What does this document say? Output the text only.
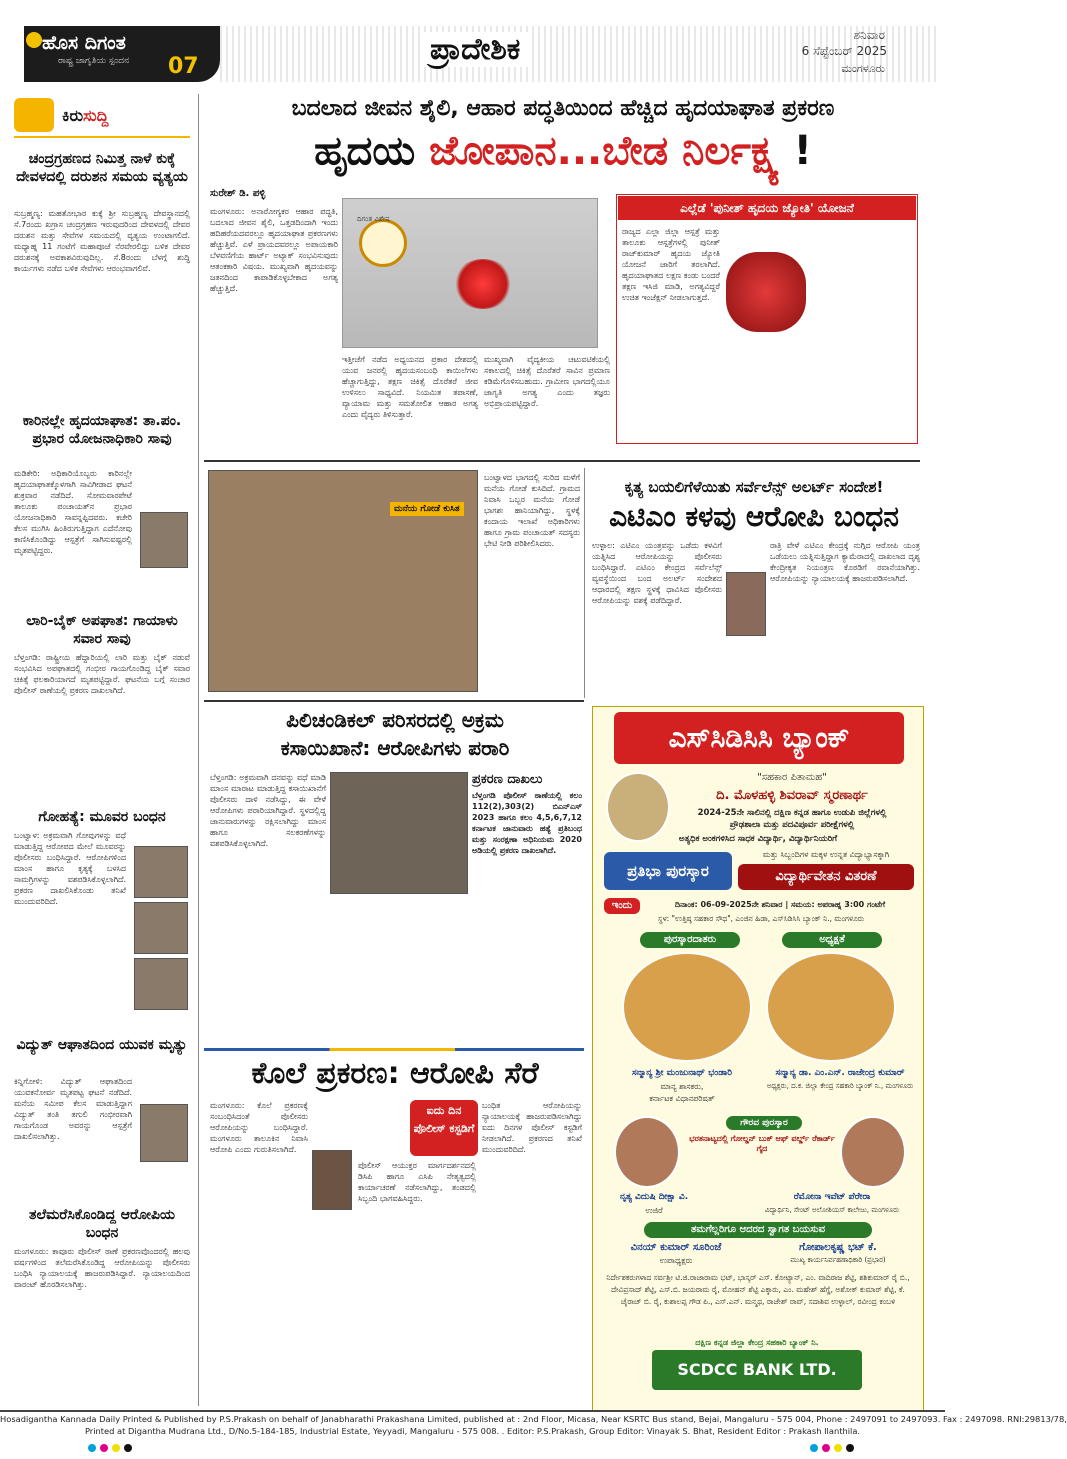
ಹೊಸ ದಿಗಂತ
ರಾಷ್ಟ್ರ ಜಾಗೃತಿಯ ಸ್ಪಂದನ 07	ಪ್ರಾದೇಶಿಕ	ಶನಿವಾರ
6 ಸೆಪ್ಟೆಂಬರ್ 2025
ಮಂಗಳೂರು
ಕಿರುಸುದ್ದಿ
ಚಂದ್ರಗ್ರಹಣದ ನಿಮಿತ್ತ ನಾಳೆ ಕುಕ್ಕೆ ದೇವಳದಲ್ಲಿ ದರುಶನ ಸಮಯ ವ್ಯತ್ಯಯ
ಸುಬ್ರಹ್ಮಣ್ಯ: ಮಹತೋಭಾರ ಕುಕ್ಕೆ ಶ್ರೀ ಸುಬ್ರಹ್ಮಣ್ಯ ದೇವಸ್ಥಾನದಲ್ಲಿ ಸೆ.7ರಂದು ಖಗ್ರಾಸ ಚಂದ್ರಗ್ರಹಣ ಇರುವುದರಿಂದ ದೇವಳದಲ್ಲಿ ದೇವರ ದರುಶನ ಮತ್ತು ಸೇವೆಗಳ ಸಮಯದಲ್ಲಿ ವ್ಯತ್ಯಯ ಉಂಟಾಗಲಿದೆ. ಮಧ್ಯಾಹ್ನ 11 ಗಂಟೆಗೆ ಮಹಾಪೂಜೆ ನೆರವೇರಲಿದ್ದು ಬಳಿಕ ದೇವರ ದರುಶನಕ್ಕೆ ಅವಕಾಶವಿರುವುದಿಲ್ಲ. ಸೆ.8ರಂದು ಬೆಳಗ್ಗೆ ಶುದ್ಧಿ ಕಾರ್ಯಗಳು ನಡೆದ ಬಳಿಕ ಸೇವೆಗಳು ಆರಂಭವಾಗಲಿವೆ.
ಕಾರಿನಲ್ಲೇ ಹೃದಯಾಘಾತ: ತಾ.ಪಂ. ಪ್ರಭಾರ ಯೋಜನಾಧಿಕಾರಿ ಸಾವು
ಮಡಿಕೇರಿ: ಅಧಿಕಾರಿಯೊಬ್ಬರು ಕಾರಿನಲ್ಲೇ ಹೃದಯಾಘಾತಕ್ಕೊಳಗಾಗಿ ಸಾವಿಗೀಡಾದ ಘಟನೆ ಶುಕ್ರವಾರ ನಡೆದಿದೆ. ಸೋಮವಾರಪೇಟೆ ತಾಲೂಕು ಪಂಚಾಯತ್‌ನ ಪ್ರಭಾರ ಯೋಜನಾಧಿಕಾರಿ ಸಾವನ್ನಪ್ಪಿದವರು. ಕಚೇರಿ ಕೆಲಸ ಮುಗಿಸಿ ಹಿಂತಿರುಗುತ್ತಿದ್ದಾಗ ಎದೆನೋವು ಕಾಣಿಸಿಕೊಂಡಿದ್ದು ಆಸ್ಪತ್ರೆಗೆ ಸಾಗಿಸುವಷ್ಟರಲ್ಲಿ ಮೃತಪಟ್ಟಿದ್ದರು.
ಲಾರಿ-ಬೈಕ್ ಅಪಘಾತ: ಗಾಯಾಳು ಸವಾರ ಸಾವು
ಬೆಳ್ತಂಗಡಿ: ರಾಷ್ಟ್ರೀಯ ಹೆದ್ದಾರಿಯಲ್ಲಿ ಲಾರಿ ಮತ್ತು ಬೈಕ್ ನಡುವೆ ಸಂಭವಿಸಿದ ಅಪಘಾತದಲ್ಲಿ ಗಂಭೀರ ಗಾಯಗೊಂಡಿದ್ದ ಬೈಕ್ ಸವಾರ ಚಿಕಿತ್ಸೆ ಫಲಕಾರಿಯಾಗದೆ ಮೃತಪಟ್ಟಿದ್ದಾರೆ. ಘಟನೆಯ ಬಗ್ಗೆ ಸಂಚಾರ ಪೊಲೀಸ್ ಠಾಣೆಯಲ್ಲಿ ಪ್ರಕರಣ ದಾಖಲಾಗಿದೆ.
ಗೋಹತ್ಯೆ: ಮೂವರ ಬಂಧನ
ಬಂಟ್ವಾಳ: ಅಕ್ರಮವಾಗಿ ಗೋವುಗಳನ್ನು ವಧೆ ಮಾಡುತ್ತಿದ್ದ ಆರೋಪದ ಮೇಲೆ ಮೂವರನ್ನು ಪೊಲೀಸರು ಬಂಧಿಸಿದ್ದಾರೆ. ಆರೋಪಿಗಳಿಂದ ಮಾಂಸ ಹಾಗೂ ಕೃತ್ಯಕ್ಕೆ ಬಳಸಿದ ಸಾಮಗ್ರಿಗಳನ್ನು ವಶಪಡಿಸಿಕೊಳ್ಳಲಾಗಿದೆ. ಪ್ರಕರಣ ದಾಖಲಿಸಿಕೊಂಡು ತನಿಖೆ ಮುಂದುವರಿದಿದೆ.
ವಿದ್ಯುತ್ ಆಘಾತದಿಂದ ಯುವಕ ಮೃತ್ಯು
ಕಿನ್ನಿಗೋಳಿ: ವಿದ್ಯುತ್ ಆಘಾತದಿಂದ ಯುವಕನೋರ್ವ ಮೃತಪಟ್ಟ ಘಟನೆ ನಡೆದಿದೆ. ಮನೆಯ ಸಮೀಪ ಕೆಲಸ ಮಾಡುತ್ತಿದ್ದಾಗ ವಿದ್ಯುತ್ ತಂತಿ ತಗುಲಿ ಗಂಭೀರವಾಗಿ ಗಾಯಗೊಂಡ ಅವರನ್ನು ಆಸ್ಪತ್ರೆಗೆ ದಾಖಲಿಸಲಾಗಿತ್ತು.
ತಲೆಮರೆಸಿಕೊಂಡಿದ್ದ ಆರೋಪಿಯ ಬಂಧನ
ಮಂಗಳೂರು: ಕಾವೂರು ಪೊಲೀಸ್ ಠಾಣೆ ಪ್ರಕರಣವೊಂದರಲ್ಲಿ ಹಲವು ವರ್ಷಗಳಿಂದ ತಲೆಮರೆಸಿಕೊಂಡಿದ್ದ ಆರೋಪಿಯನ್ನು ಪೊಲೀಸರು ಬಂಧಿಸಿ ನ್ಯಾಯಾಲಯಕ್ಕೆ ಹಾಜರುಪಡಿಸಿದ್ದಾರೆ. ನ್ಯಾಯಾಲಯದಿಂದ ವಾರಂಟ್ ಹೊರಡಿಸಲಾಗಿತ್ತು.
ಬದಲಾದ ಜೀವನ ಶೈಲಿ, ಆಹಾರ ಪದ್ಧತಿಯಿಂದ ಹೆಚ್ಚಿದ ಹೃದಯಾಘಾತ ಪ್ರಕರಣ
ಹೃದಯ ಜೋಪಾನ...ಬೇಡ ನಿರ್ಲಕ್ಷ್ಯ !
ಸುರೇಶ್ ಡಿ. ಪಳ್ಳಿ
ದಿಗಂತ ವಿಶೇಷ
ಮಂಗಳೂರು: ಅನಾರೋಗ್ಯಕರ ಆಹಾರ ಪದ್ಧತಿ, ಬದಲಾದ ಜೀವನ ಶೈಲಿ, ಒತ್ತಡದಿಂದಾಗಿ ಇಂದು ಹದಿಹರೆಯದವರಲ್ಲೂ ಹೃದಯಾಘಾತ ಪ್ರಕರಣಗಳು ಹೆಚ್ಚುತ್ತಿವೆ. ಎಳೆ ಪ್ರಾಯದವರಲ್ಲೂ ಅಪಾಯಕಾರಿ ಬೆಳವಣಿಗೆಯ ಹಾರ್ಟ್ ಅಟ್ಯಾಕ್ ಸಂಭವಿಸುವುದು ಆತಂಕಕಾರಿ ವಿಷಯ. ಮುಖ್ಯವಾಗಿ ಹೃದಯವನ್ನು ಜತನದಿಂದ ಕಾಪಾಡಿಕೊಳ್ಳಬೇಕಾದ ಅಗತ್ಯ ಹೆಚ್ಚುತ್ತಿದೆ.
ಇತ್ತೀಚೆಗೆ ನಡೆದ ಅಧ್ಯಯನದ ಪ್ರಕಾರ ದೇಶದಲ್ಲಿ ಯುವ ಜನರಲ್ಲಿ ಹೃದಯಸಂಬಂಧಿ ಕಾಯಿಲೆಗಳು ಹೆಚ್ಚಾಗುತ್ತಿದ್ದು, ತಕ್ಷಣ ಚಿಕಿತ್ಸೆ ದೊರೆತರೆ ಜೀವ ಉಳಿಸಲು ಸಾಧ್ಯವಿದೆ. ನಿಯಮಿತ ತಪಾಸಣೆ, ವ್ಯಾಯಾಮ ಮತ್ತು ಸಮತೋಲಿತ ಆಹಾರ ಅಗತ್ಯ ಎಂದು ವೈದ್ಯರು ತಿಳಿಸುತ್ತಾರೆ.
ಮುಖ್ಯವಾಗಿ ವೈದ್ಯಕೀಯ ಚಟುವಟಿಕೆಯಲ್ಲಿ ಸಕಾಲದಲ್ಲಿ ಚಿಕಿತ್ಸೆ ದೊರೆತರೆ ಸಾವಿನ ಪ್ರಮಾಣ ಕಡಿಮೆಗೊಳಿಸಬಹುದು. ಗ್ರಾಮೀಣ ಭಾಗದಲ್ಲಿಯೂ ಜಾಗೃತಿ ಅಗತ್ಯ ಎಂದು ತಜ್ಞರು ಅಭಿಪ್ರಾಯಪಟ್ಟಿದ್ದಾರೆ.
ಎಲ್ಲೆಡೆ 'ಪುನೀತ್ ಹೃದಯ ಜ್ಯೋತಿ' ಯೋಜನೆ
ರಾಜ್ಯದ ಎಲ್ಲಾ ಜಿಲ್ಲಾ ಆಸ್ಪತ್ರೆ ಮತ್ತು ತಾಲೂಕು ಆಸ್ಪತ್ರೆಗಳಲ್ಲಿ ಪುನೀತ್ ರಾಜ್‌ಕುಮಾರ್ ಹೃದಯ ಜ್ಯೋತಿ ಯೋಜನೆ ಜಾರಿಗೆ ತರಲಾಗಿದೆ. ಹೃದಯಾಘಾತದ ಲಕ್ಷಣ ಕಂಡು ಬಂದರೆ ತಕ್ಷಣ ಇಸಿಜಿ ಮಾಡಿ, ಅಗತ್ಯವಿದ್ದರೆ ಉಚಿತ ಇಂಜೆಕ್ಷನ್ ನೀಡಲಾಗುತ್ತದೆ.
ಮನೆಯ ಗೋಡೆ ಕುಸಿತ
ಬಂಟ್ವಾಳದ ಭಾಗದಲ್ಲಿ ಸುರಿದ ಮಳೆಗೆ ಮನೆಯ ಗೋಡೆ ಕುಸಿದಿದೆ. ಗ್ರಾಮದ ನಿವಾಸಿ ಒಬ್ಬರ ಮನೆಯ ಗೋಡೆ ಭಾಗಶಃ ಹಾನಿಯಾಗಿದ್ದು, ಸ್ಥಳಕ್ಕೆ ಕಂದಾಯ ಇಲಾಖೆ ಅಧಿಕಾರಿಗಳು ಹಾಗೂ ಗ್ರಾಮ ಪಂಚಾಯತ್ ಸದಸ್ಯರು ಭೇಟಿ ನೀಡಿ ಪರಿಶೀಲಿಸಿದರು.
ಕೃತ್ಯ ಬಯಲಿಗೆಳೆಯಿತು ಸರ್ವೆಲೆನ್ಸ್ ಅಲರ್ಟ್ ಸಂದೇಶ!
ಎಟಿಎಂ ಕಳವು ಆರೋಪಿ ಬಂಧನ
ಉಳ್ಳಾಲ: ಎಟಿಎಂ ಯಂತ್ರವನ್ನು ಒಡೆದು ಕಳವಿಗೆ ಯತ್ನಿಸಿದ ಆರೋಪಿಯನ್ನು ಪೊಲೀಸರು ಬಂಧಿಸಿದ್ದಾರೆ. ಎಟಿಎಂ ಕೇಂದ್ರದ ಸರ್ವೆಲೆನ್ಸ್ ವ್ಯವಸ್ಥೆಯಿಂದ ಬಂದ ಅಲರ್ಟ್ ಸಂದೇಶದ ಆಧಾರದಲ್ಲಿ ತಕ್ಷಣ ಸ್ಥಳಕ್ಕೆ ಧಾವಿಸಿದ ಪೊಲೀಸರು ಆರೋಪಿಯನ್ನು ವಶಕ್ಕೆ ಪಡೆದಿದ್ದಾರೆ.
ರಾತ್ರಿ ವೇಳೆ ಎಟಿಎಂ ಕೇಂದ್ರಕ್ಕೆ ನುಗ್ಗಿದ ಆರೋಪಿ ಯಂತ್ರ ಒಡೆಯಲು ಯತ್ನಿಸುತ್ತಿದ್ದಾಗ ಕ್ಯಾಮೆರಾದಲ್ಲಿ ದಾಖಲಾದ ದೃಶ್ಯ ಕೇಂದ್ರೀಕೃತ ನಿಯಂತ್ರಣ ಕೊಠಡಿಗೆ ರವಾನೆಯಾಗಿತ್ತು. ಆರೋಪಿಯನ್ನು ನ್ಯಾಯಾಲಯಕ್ಕೆ ಹಾಜರುಪಡಿಸಲಾಗಿದೆ.
ಪಿಲಿಚಂಡಿಕಲ್ ಪರಿಸರದಲ್ಲಿ ಅಕ್ರಮ
ಕಸಾಯಿಖಾನೆ: ಆರೋಪಿಗಳು ಪರಾರಿ
ಬೆಳ್ತಂಗಡಿ: ಅಕ್ರಮವಾಗಿ ದನವನ್ನು ವಧೆ ಮಾಡಿ ಮಾಂಸ ಮಾರಾಟ ಮಾಡುತ್ತಿದ್ದ ಕಸಾಯಿಖಾನೆಗೆ ಪೊಲೀಸರು ದಾಳಿ ನಡೆಸಿದ್ದು, ಈ ವೇಳೆ ಆರೋಪಿಗಳು ಪರಾರಿಯಾಗಿದ್ದಾರೆ. ಸ್ಥಳದಲ್ಲಿದ್ದ ಜಾನುವಾರುಗಳನ್ನು ರಕ್ಷಿಸಲಾಗಿದ್ದು ಮಾಂಸ ಹಾಗೂ ಸಲಕರಣೆಗಳನ್ನು ವಶಪಡಿಸಿಕೊಳ್ಳಲಾಗಿದೆ.
ಪ್ರಕರಣ ದಾಖಲು
ಬೆಳ್ತಂಗಡಿ ಪೊಲೀಸ್ ಠಾಣೆಯಲ್ಲಿ ಕಲಂ 112(2),303(2) ಬಿಎನ್‌ಎಸ್ 2023 ಹಾಗೂ ಕಲಂ 4,5,6,7,12 ಕರ್ನಾಟಕ ಜಾನುವಾರು ಹತ್ಯೆ ಪ್ರತಿಬಂಧ ಮತ್ತು ಸಂರಕ್ಷಣಾ ಅಧಿನಿಯಮ 2020 ಅಡಿಯಲ್ಲಿ ಪ್ರಕರಣ ದಾಖಲಾಗಿದೆ.
ಕೊಲೆ ಪ್ರಕರಣ: ಆರೋಪಿ ಸೆರೆ
ಮಂಗಳೂರು: ಕೊಲೆ ಪ್ರಕರಣಕ್ಕೆ ಸಂಬಂಧಿಸಿದಂತೆ ಪೊಲೀಸರು ಆರೋಪಿಯನ್ನು ಬಂಧಿಸಿದ್ದಾರೆ. ಮಂಗಳೂರು ತಾಲೂಕಿನ ನಿವಾಸಿ ಆರೋಪಿ ಎಂದು ಗುರುತಿಸಲಾಗಿದೆ.
ಐದು ದಿನ ಪೊಲೀಸ್ ಕಸ್ಟಡಿಗೆ
ಪೊಲೀಸ್ ಆಯುಕ್ತರ ಮಾರ್ಗದರ್ಶನದಲ್ಲಿ ಡಿಸಿಪಿ ಹಾಗೂ ಎಸಿಪಿ ನೇತೃತ್ವದಲ್ಲಿ ಕಾರ್ಯಾಚರಣೆ ನಡೆಸಲಾಗಿದ್ದು, ತಂಡದಲ್ಲಿ ಸಿಬ್ಬಂದಿ ಭಾಗವಹಿಸಿದ್ದರು.
ಬಂಧಿತ ಆರೋಪಿಯನ್ನು ನ್ಯಾಯಾಲಯಕ್ಕೆ ಹಾಜರುಪಡಿಸಲಾಗಿದ್ದು ಐದು ದಿನಗಳ ಪೊಲೀಸ್ ಕಸ್ಟಡಿಗೆ ನೀಡಲಾಗಿದೆ. ಪ್ರಕರಣದ ತನಿಖೆ ಮುಂದುವರಿದಿದೆ.
ಎಸ್‌ಸಿಡಿಸಿಸಿ ಬ್ಯಾಂಕ್
"ಸಹಕಾರ ಪಿತಾಮಹ"
ದಿ. ಮೊಳಹಳ್ಳಿ ಶಿವರಾವ್ ಸ್ಮರಣಾರ್ಥ
2024-25ನೇ ಸಾಲಿನಲ್ಲಿ ದಕ್ಷಿಣ ಕನ್ನಡ ಹಾಗೂ ಉಡುಪಿ ಜಿಲ್ಲೆಗಳಲ್ಲಿ
ಪ್ರೌಢಶಾಲಾ ಮತ್ತು ಪದವಿಪೂರ್ವ ಪರೀಕ್ಷೆಗಳಲ್ಲಿ
ಅತ್ಯಧಿಕ ಅಂಕಗಳಿಸಿದ ಸಾಧಕ ವಿದ್ಯಾರ್ಥಿ, ವಿದ್ಯಾರ್ಥಿನಿಯರಿಗೆ
ಪ್ರತಿಭಾ ಪುರಸ್ಕಾರ
ಮತ್ತು ಸಿಬ್ಬಂದಿಗಳ ಮಕ್ಕಳ ಉನ್ನತ ವಿದ್ಯಾಭ್ಯಾಸಕ್ಕಾಗಿ
ವಿದ್ಯಾರ್ಥಿವೇತನ ವಿತರಣೆ
ಇಂದು	ದಿನಾಂಕ: 06-09-2025ನೇ ಶನಿವಾರ | ಸಮಯ: ಅಪರಾಹ್ನ 3:00 ಗಂಟೆಗೆ
ಸ್ಥಳ: "ಉತ್ತಿಷ್ಠ ಸಹಕಾರ ಸೌಧ", ಎಂಜಿನ ಹಿಡಾ, ಎಸ್‌ಸಿಡಿಸಿಸಿ ಬ್ಯಾಂಕ್ ನಿ., ಮಂಗಳೂರು
ಪುರಸ್ಕಾರದಾತರು	ಅಧ್ಯಕ್ಷತೆ
ಸನ್ಮಾನ್ಯ ಶ್ರೀ ಮಂಜುನಾಥ್ ಭಂಡಾರಿ
ಮಾನ್ಯ ಶಾಸಕರು,
ಕರ್ನಾಟಕ ವಿಧಾನಪರಿಷತ್
ಸನ್ಮಾನ್ಯ ಡಾ. ಎಂ.ಎನ್. ರಾಜೇಂದ್ರ ಕುಮಾರ್
ಅಧ್ಯಕ್ಷರು, ದ.ಕ. ಜಿಲ್ಲಾ ಕೇಂದ್ರ ಸಹಕಾರಿ ಬ್ಯಾಂಕ್ ನಿ., ಮಂಗಳೂರು
ಗೌರವ ಪುರಸ್ಕಾರ
ಭರತನಾಟ್ಯದಲ್ಲಿ ಗೋಲ್ಡನ್ ಬುಕ್ ಆಫ್ ವರ್ಲ್ಡ್ ರೆಕಾರ್ಡ್ ಗೈದ
ನೃತ್ಯ ವಿದುಷಿ ದೀಕ್ಷಾ ವಿ.
ಉಜಿರೆ
ರೆಮೋನಾ ಇವೆಟ್ ಪೆರೇರಾ
ವಿದ್ಯಾರ್ಥಿನಿ, ಸೇಂಟ್ ಅಲೋಶಿಯಸ್ ಕಾಲೇಜು, ಮಂಗಳೂರು
ತಮಗೆಲ್ಲರಿಗೂ ಆದರದ ಸ್ವಾಗತ ಬಯಸುವ
ವಿನಯ್ ಕುಮಾರ್ ಸೂರಿಂಜೆ
ಉಪಾಧ್ಯಕ್ಷರು
ಗೋಪಾಲಕೃಷ್ಣ ಭಟ್ ಕೆ.
ಮುಖ್ಯ ಕಾರ್ಯನಿರ್ವಹಣಾಧಿಕಾರಿ (ಪ್ರಭಾರ)
ನಿರ್ದೇಶಕರುಗಳಾದ ಸರ್ವಶ್ರೀ ಟಿ.ಜಿ.ರಾಜಾರಾಮ ಭಟ್, ಭಾಸ್ಕರ್ ಎಸ್. ಕೋಟ್ಯಾನ್, ಎಂ. ವಾದಿರಾಜ ಶೆಟ್ಟಿ, ಶಶಿಕುಮಾರ್ ರೈ ಬಿ., ದೇವಿಪ್ರಸಾದ್ ಶೆಟ್ಟಿ, ಎಸ್.ಬಿ. ಜಯರಾಮ ರೈ, ಮೋಹನ್ ಶೆಟ್ಟಿ ಎಕ್ಕಾರು, ಎಂ. ಮಹೇಶ್ ಹೆಗ್ಡೆ, ಅಶೋಕ್ ಕುಮಾರ್ ಶೆಟ್ಟಿ, ಕೆ. ಜೈರಾಜ್ ಬಿ. ರೈ, ಕುಶಾಲಪ್ಪ ಗೌಡ ಪಿ., ಎಸ್.ಎನ್. ಮನ್ಮಥ, ರಾಜೇಶ್ ರಾವ್, ಸದಾಶಿವ ಉಳ್ಳಾಲ್, ರವೀಂದ್ರ ಕಂಬಳಿ
ದಕ್ಷಿಣ ಕನ್ನಡ ಜಿಲ್ಲಾ ಕೇಂದ್ರ ಸಹಕಾರಿ ಬ್ಯಾಂಕ್ ನಿ.
SCDCC BANK LTD.
Hosadigantha Kannada Daily Printed & Published by P.S.Prakash on behalf of Janabharathi Prakashana Limited, published at : 2nd Floor, Micasa, Near KSRTC Bus stand, Bejai, Mangaluru - 575 004, Phone : 2497091 to 2497093. Fax : 2497098. RNI:29813/78,
Printed at Digantha Mudrana Ltd., D/No.5-184-185, Industrial Estate, Yeyyadi, Mangaluru - 575 008. . Editor: P.S.Prakash, Group Editor: Vinayak S. Bhat, Resident Editor : Prakash Ilanthila.
